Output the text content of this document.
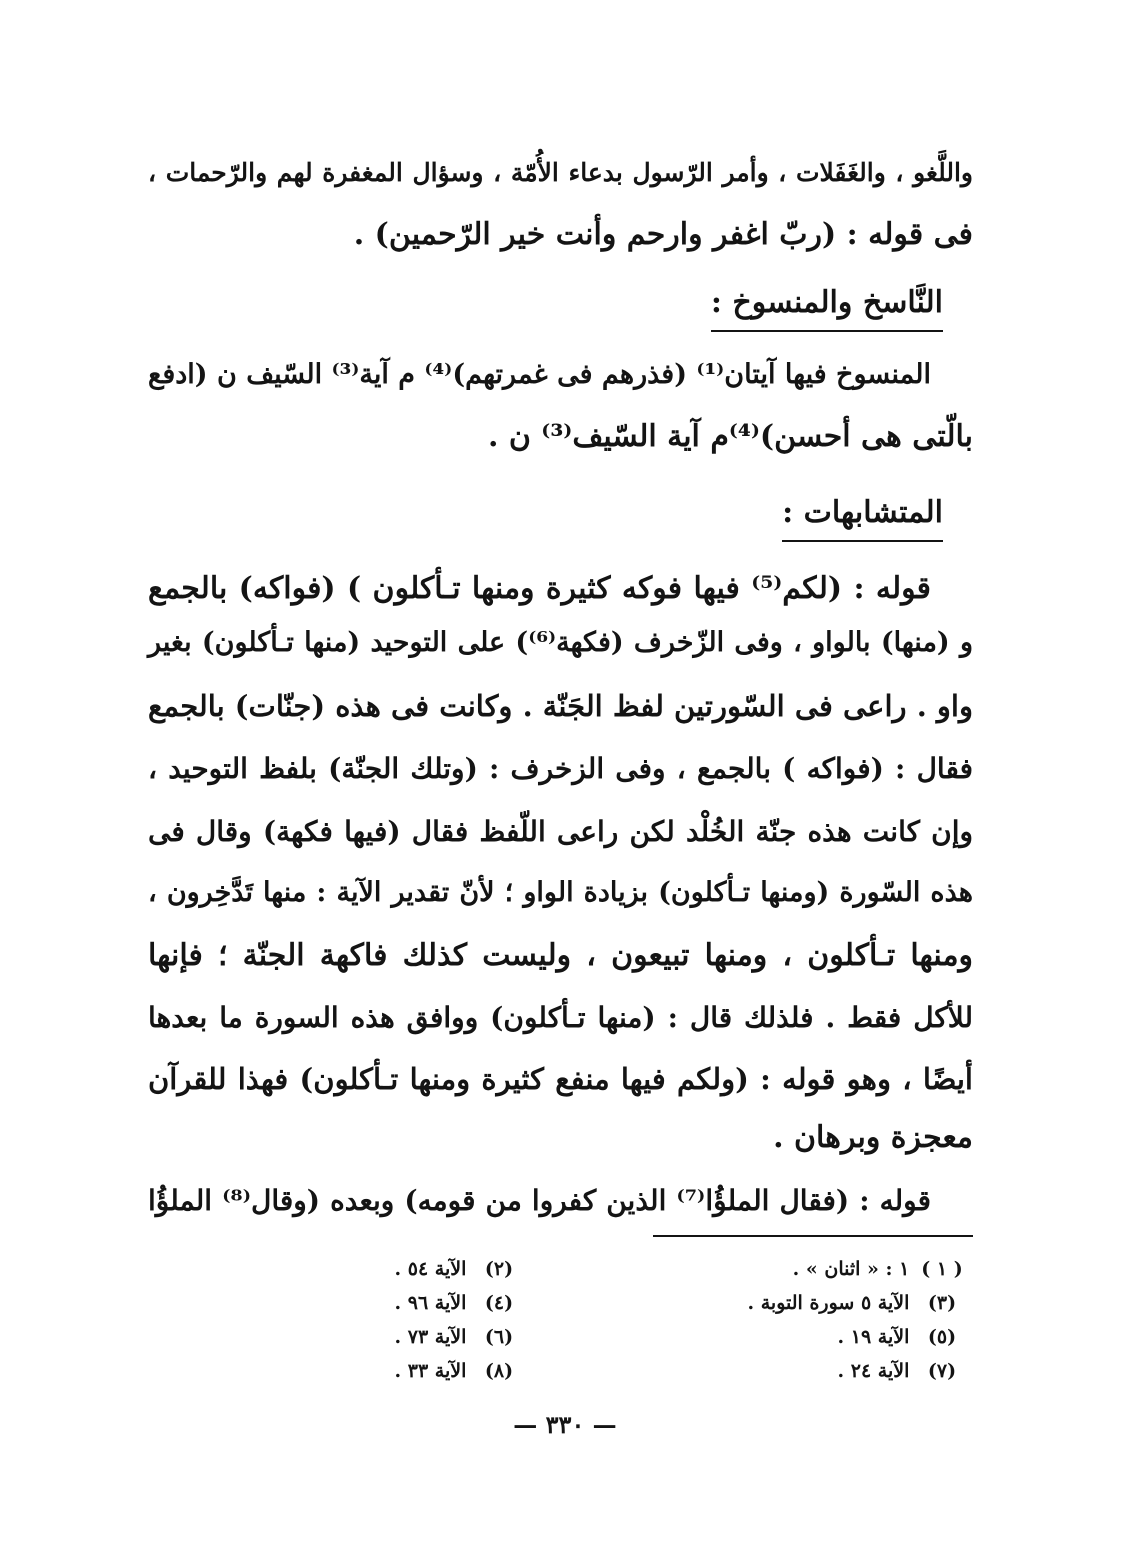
واللَّغو ، والغَفَلات ، وأمر الرّسول بدعاء الأُمّة ، وسؤال المغفرة لهم والرّحمات ،
فى قوله : (ربّ اغفر وارحم وأنت خير الرّحمين) .
النَّاسخ والمنسوخ :
المنسوخ فيها آيتان⁽¹⁾ (فذرهم فى غمرتهم)⁽⁴⁾ م آية⁽³⁾ السّيف ن (ادفع
بالّتى هى أحسن)⁽⁴⁾م آية السّيف⁽³⁾ ن .
المتشابهات :
قوله : (لكم⁽⁵⁾ فيها فوكه كثيرة ومنها تـأكلون ) (فواكه) بالجمع
و (منها) بالواو ، وفى الزّخرف (فكهة⁽⁶⁾) على التوحيد (منها تـأكلون) بغير
واو . راعى فى السّورتين لفظ الجَنّة . وكانت فى هذه (جنّات) بالجمع
فقال : (فواكه ) بالجمع ، وفى الزخرف : (وتلك الجنّة) بلفظ التوحيد ،
وإن كانت هذه جنّة الخُلْد لكن راعى اللّفظ فقال (فيها فكهة) وقال فى
هذه السّورة (ومنها تـأكلون) بزيادة الواو ؛ لأنّ تقدير الآية : منها تَدَّخِرون ،
ومنها تـأكلون ، ومنها تبيعون ، وليست كذلك فاكهة الجنّة ؛ فإنها
للأكل فقط . فلذلك قال : (منها تـأكلون) ووافق هذه السورة ما بعدها
أيضًا ، وهو قوله : (ولكم فيها منفع كثيرة ومنها تـأكلون) فهذا للقرآن
معجزة وبرهان .
قوله : (فقال الملؤُا⁽⁷⁾ الذين كفروا من قومه) وبعده (وقال⁽⁸⁾ الملؤُا
( ١ ) ١ : « اثنان » .
(٣) الآية ٥ سورة التوبة .
(٥) الآية ١٩ .
(٧) الآية ٢٤ .
(٢) الآية ٥٤ .
(٤) الآية ٩٦ .
(٦) الآية ٧٣ .
(٨) الآية ٣٣ .
— ٣٣٠ —
